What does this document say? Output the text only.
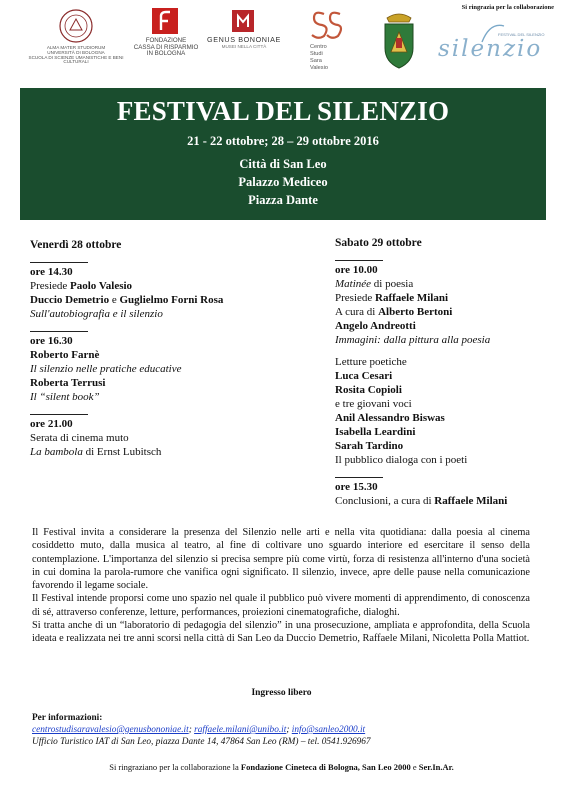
ALMA MATER STUDIORUM
UNIVERSITÀ DI BOLOGNA
SCUOLA DI SCIENZE UMANISTICHE E BENI CULTURALI
FONDAZIONE
CASSA DI RISPARMIO
IN BOLOGNA
GENUS BONONIAE
MUSEI NELLA CITTÀ	Centro
Studi
Sara
Valesio
Si ringrazia per la collaborazione
FESTIVAL DEL SILENZIO
silenzio
FESTIVAL DEL SILENZIO
21 - 22 ottobre; 28 – 29 ottobre 2016
Città di San Leo
Palazzo Mediceo
Piazza Dante
Venerdì 28 ottobre
ore 14.30
Presiede Paolo Valesio
Duccio Demetrio e Guglielmo Forni Rosa
Sull'autobiografia e il silenzio
ore 16.30
Roberto Farnè
Il silenzio nelle pratiche educative
Roberta Terrusi
Il “silent book”
ore 21.00
Serata di cinema muto
La bambola di Ernst Lubitsch
Sabato 29 ottobre
ore 10.00
Matinée di poesia
Presiede Raffaele Milani
A cura di Alberto Bertoni
Angelo Andreotti
Immagini: dalla pittura alla poesia
Letture poetiche
Luca Cesari
Rosita Copioli
e tre giovani voci
Anil Alessandro Biswas
Isabella Leardini
Sarah Tardino
Il pubblico dialoga con i poeti
ore 15.30
Conclusioni, a cura di Raffaele Milani

Il Festival invita a considerare la presenza del Silenzio nelle arti e nella vita quotidiana: dalla poesia al cinema cosiddetto muto, dalla musica al teatro, al fine di coltivare uno sguardo interiore ed esercitare il senso della contemplazione. L'importanza del silenzio si precisa sempre più come virtù, forza di resistenza all'interno d'una società in cui domina la parola-rumore che vanifica ogni significato. Il silenzio, invece, apre delle pause nella comunicazione favorendo il legame sociale.

Il Festival intende proporsi come uno spazio nel quale il pubblico può vivere momenti di apprendimento, di conoscenza di sé, attraverso conferenze, letture, performances, proiezioni cinematografiche, dialoghi.

Si tratta anche di un “laboratorio di pedagogia del silenzio” in una prosecuzione, ampliata e approfondita, della Scuola ideata e realizzata nei tre anni scorsi nella città di San Leo da Duccio Demetrio, Raffaele Milani, Nicoletta Polla Mattiot.

Ingresso libero
Per informazioni:
centrostudisaravalesio@genusbononiae.it; raffaele.milani@unibo.it; info@sanleo2000.it
Ufficio Turistico IAT di San Leo, piazza Dante 14, 47864 San Leo (RM) – tel. 0541.926967
Si ringraziano per la collaborazione la Fondazione Cineteca di Bologna, San Leo 2000 e Ser.In.Ar.
